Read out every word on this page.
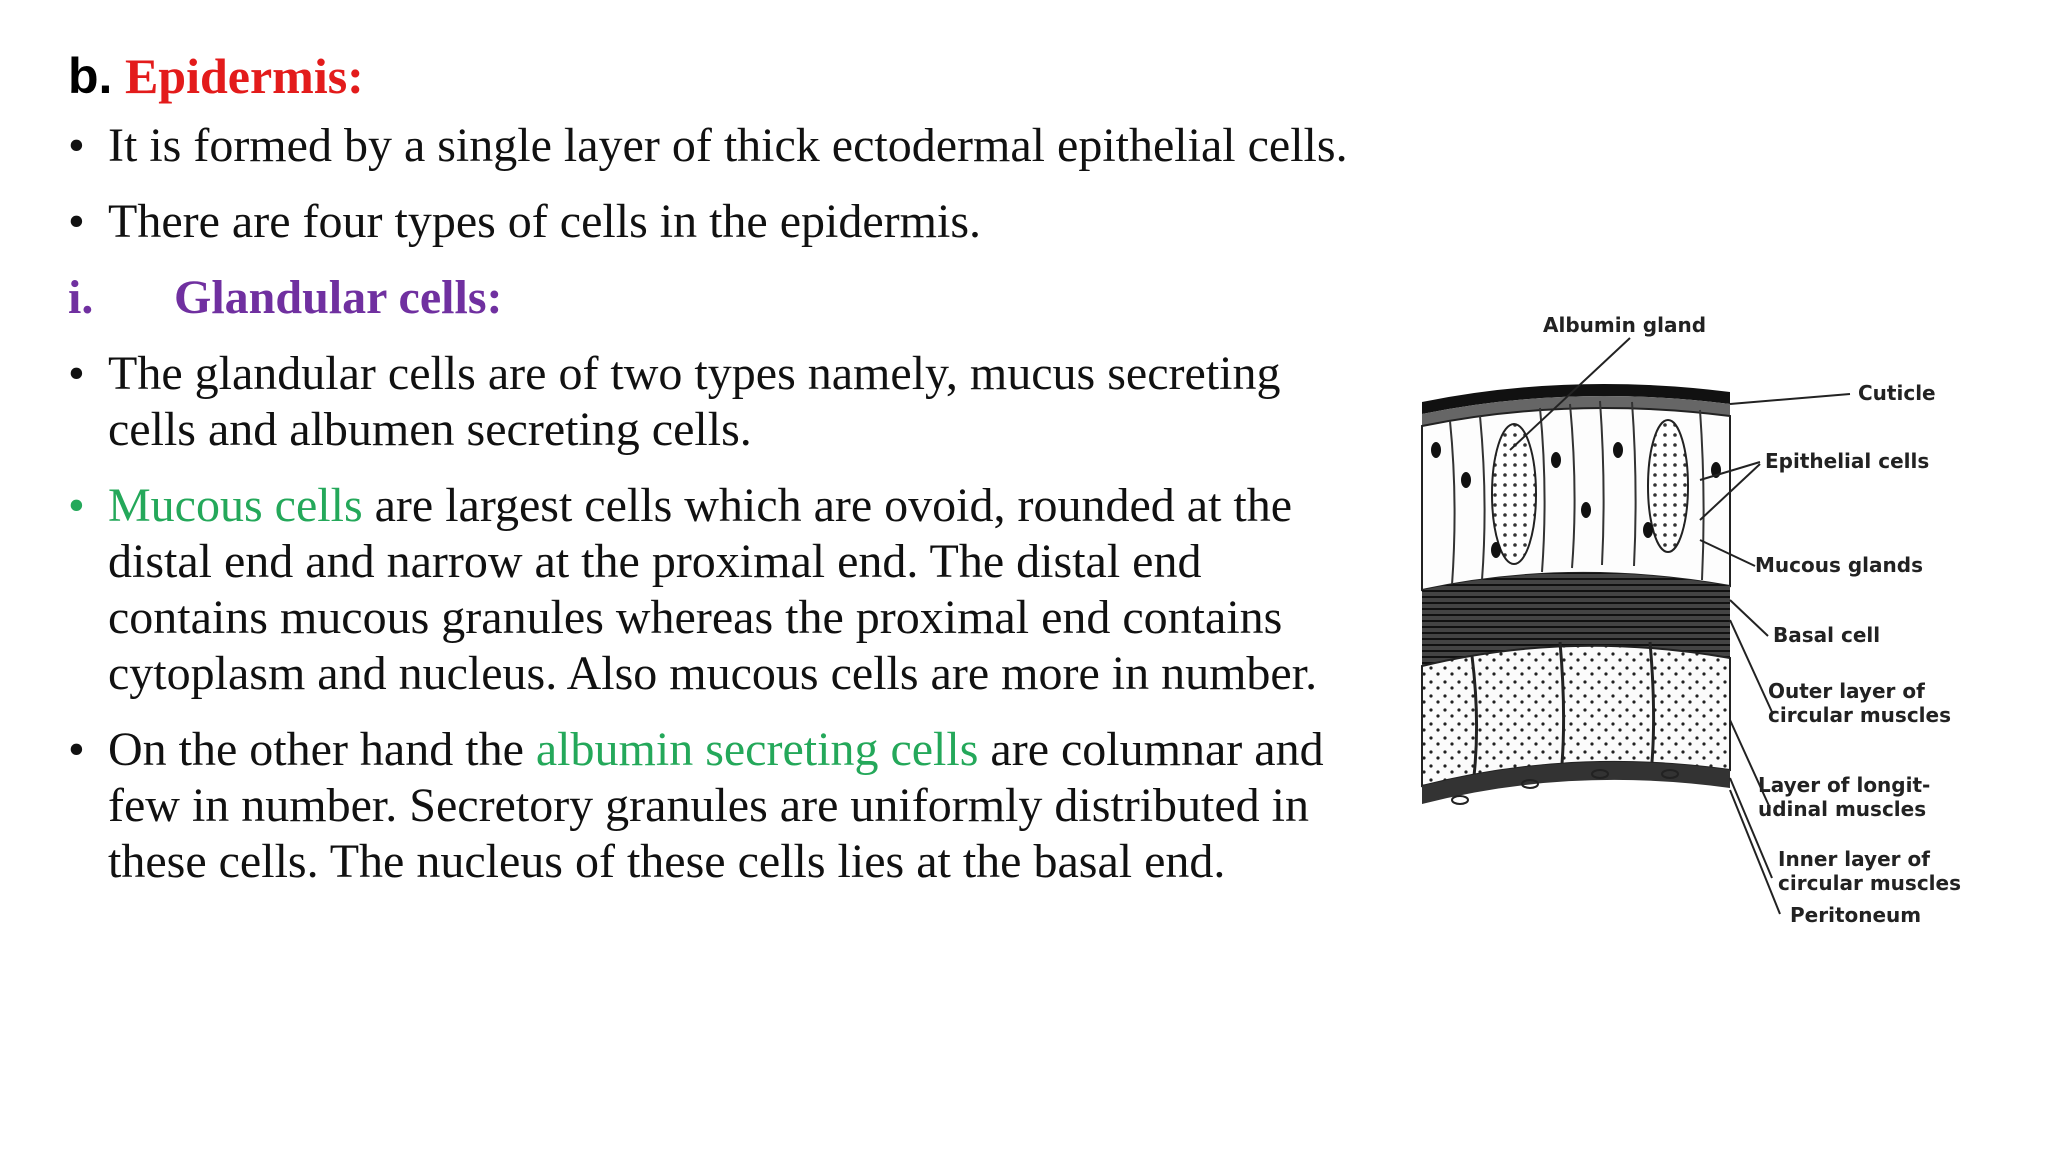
b. Epidermis:
• It is formed by a single layer of thick ectodermal epithelial cells.
• There are four types of cells in the epidermis.
i. Glandular cells:
• The glandular cells are of two types namely, mucus secreting cells and albumen secreting cells.
• Mucous cells are largest cells which are ovoid, rounded at the distal end and narrow at the proximal end. The distal end contains mucous granules whereas the proximal end contains cytoplasm and nucleus. Also mucous cells are more in number.
• On the other hand the albumin secreting cells are columnar and few in number. Secretory granules are uniformly distributed in these cells. The nucleus of these cells lies at the basal end.
Albumin gland
Cuticle
Epithelial cells
Mucous glands
Basal cell
Outer layer of
circular muscles
Layer of longit-
udinal muscles
Inner layer of
circular muscles
Peritoneum
